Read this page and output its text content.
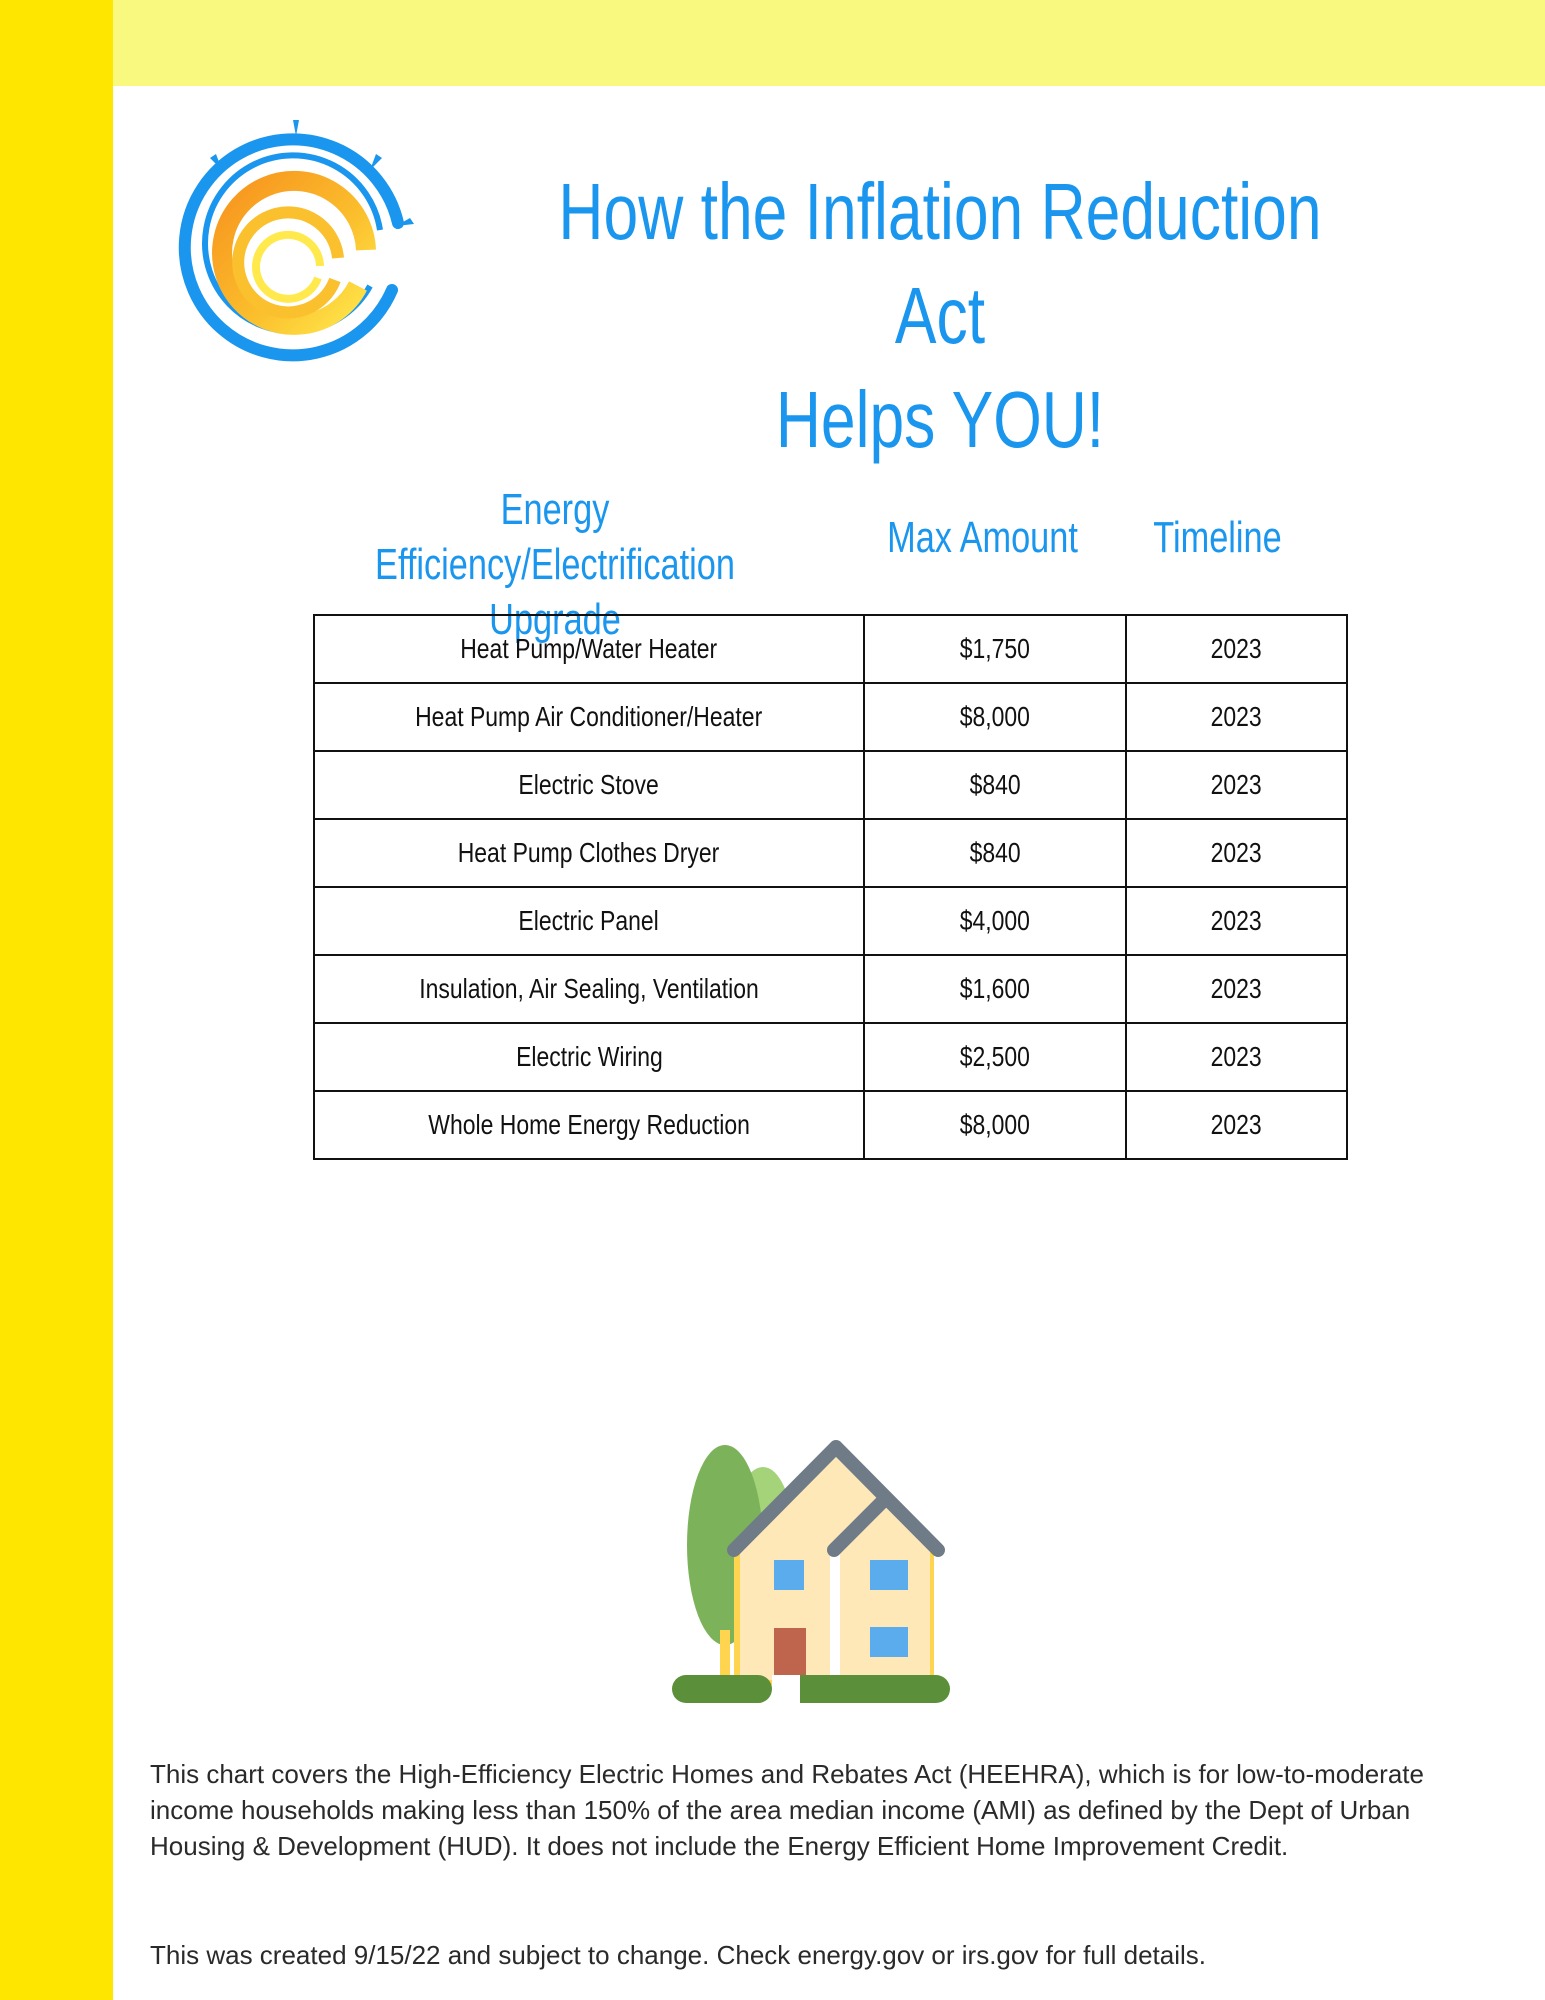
How the Inflation Reduction Act
Helps YOU!
Energy Efficiency/Electrification
Upgrade
Max Amount	Timeline
Heat Pump/Water Heater	$1,750	2023
Heat Pump Air Conditioner/Heater	$8,000	2023
Electric Stove	$840	2023
Heat Pump Clothes Dryer	$840	2023
Electric Panel	$4,000	2023
Insulation, Air Sealing, Ventilation	$1,600	2023
Electric Wiring	$2,500	2023
Whole Home Energy Reduction	$8,000	2023

This chart covers the High-Efficiency Electric Homes and Rebates Act (HEEHRA), which is for low-to-moderate income households making less than 150% of the area median income (AMI) as defined by the Dept of Urban Housing & Development (HUD). It does not include the Energy Efficient Home Improvement Credit.

This was created 9/15/22 and subject to change. Check energy.gov or irs.gov for full details.
